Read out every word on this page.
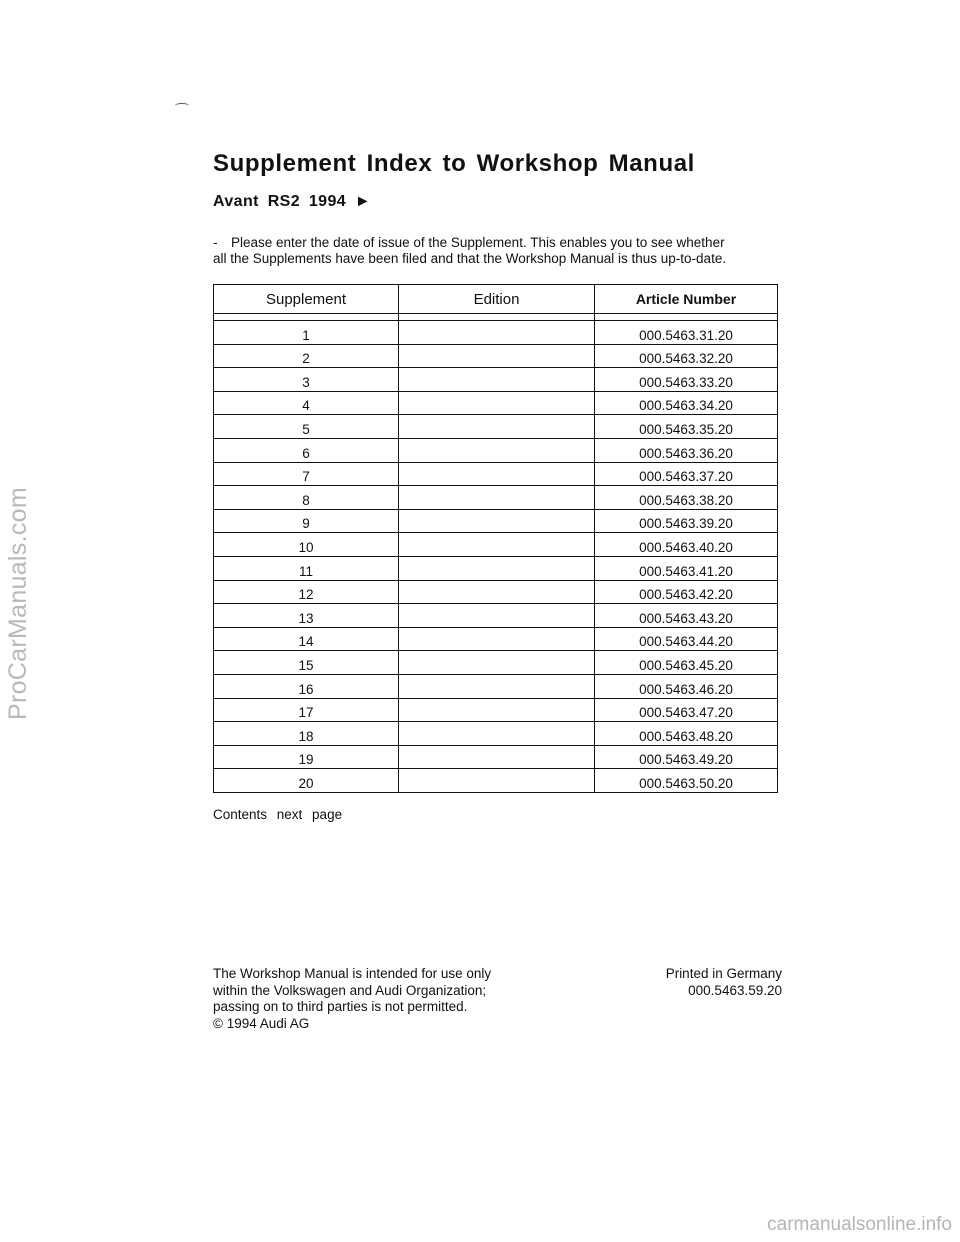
ProCarManuals.com
Supplement Index to Workshop Manual
Avant RS2 1994 ►
- Please enter the date of issue of the Supplement. This enables you to see whether
all the Supplements have been filed and that the Workshop Manual is thus up-to-date.
Supplement	Edition	Article Number

1		000.5463.31.20
2		000.5463.32.20
3		000.5463.33.20
4		000.5463.34.20
5		000.5463.35.20
6		000.5463.36.20
7		000.5463.37.20
8		000.5463.38.20
9		000.5463.39.20
10		000.5463.40.20
11		000.5463.41.20
12		000.5463.42.20
13		000.5463.43.20
14		000.5463.44.20
15		000.5463.45.20
16		000.5463.46.20
17		000.5463.47.20
18		000.5463.48.20
19		000.5463.49.20
20		000.5463.50.20
Contents next page
The Workshop Manual is intended for use only
within the Volkswagen and Audi Organization;
passing on to third parties is not permitted.
© 1994 Audi AG
Printed in Germany
000.5463.59.20
carmanualsonline.info
